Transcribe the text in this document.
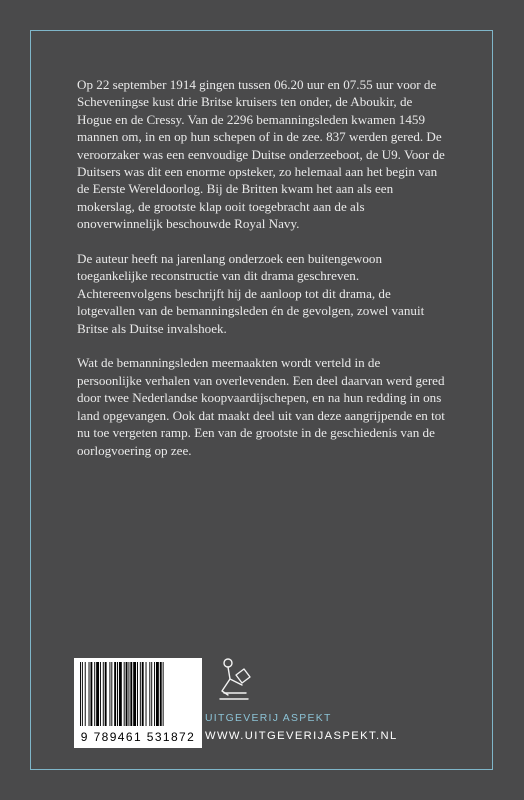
Op 22 september 1914 gingen tussen 06.20 uur en 07.55 uur voor de Scheveningse kust drie Britse kruisers ten onder, de Aboukir, de Hogue en de Cressy. Van de 2296 bemanningsleden kwamen 1459 mannen om, in en op hun schepen of in de zee. 837 werden gered. De veroorzaker was een eenvoudige Duitse onderzeeboot, de U9. Voor de Duitsers was dit een enorme opsteker, zo helemaal aan het begin van de Eerste Wereldoorlog. Bij de Britten kwam het aan als een mokerslag, de grootste klap ooit toegebracht aan de als onoverwinnelijk beschouwde Royal Navy.

De auteur heeft na jarenlang onderzoek een buitengewoon toegankelijke reconstructie van dit drama geschreven. Achtereenvolgens beschrijft hij de aanloop tot dit drama, de lotgevallen van de bemanningsleden én de gevolgen, zowel vanuit Britse als Duitse invalshoek.

Wat de bemanningsleden meemaakten wordt verteld in de persoonlijke verhalen van overlevenden. Een deel daarvan werd gered door twee Nederlandse koopvaardijschepen, en na hun redding in ons land opgevangen. Ook dat maakt deel uit van deze aangrijpende en tot nu toe vergeten ramp. Een van de grootste in de geschiedenis van de oorlogvoering op zee.

9 789461 531872
UITGEVERIJ ASPEKT
WWW.UITGEVERIJASPEKT.NL
